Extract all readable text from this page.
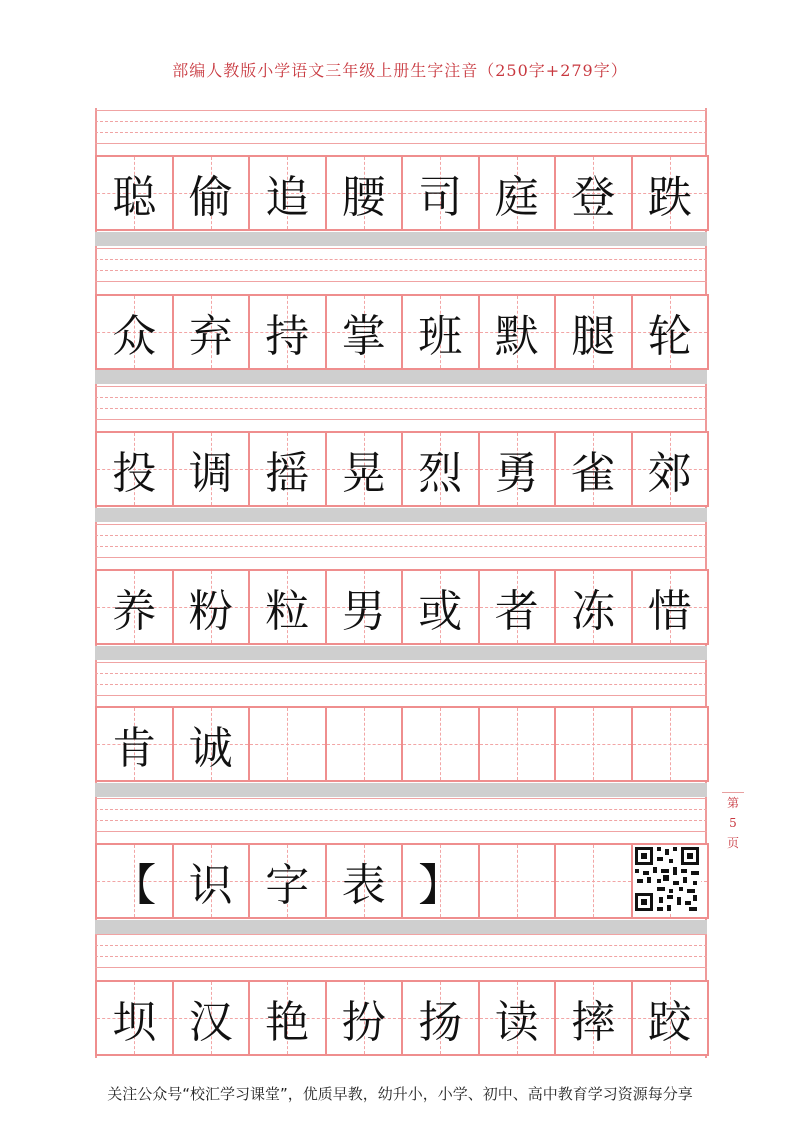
部编人教版小学语文三年级上册生字注音（250字+279字）
聪 偷 追 腰 司 庭 登 跌
众 弃 持 掌 班 默 腿 轮
投 调 摇 晃 烈 勇 雀 郊
养 粉 粒 男 或 者 冻 惜
肯 诚
【 识 字 表 】
坝 汉 艳 扮 扬 读 摔 跤
第
5
页
关注公众号“校汇学习课堂”，优质早教，幼升小，小学、初中、高中教育学习资源每分享
